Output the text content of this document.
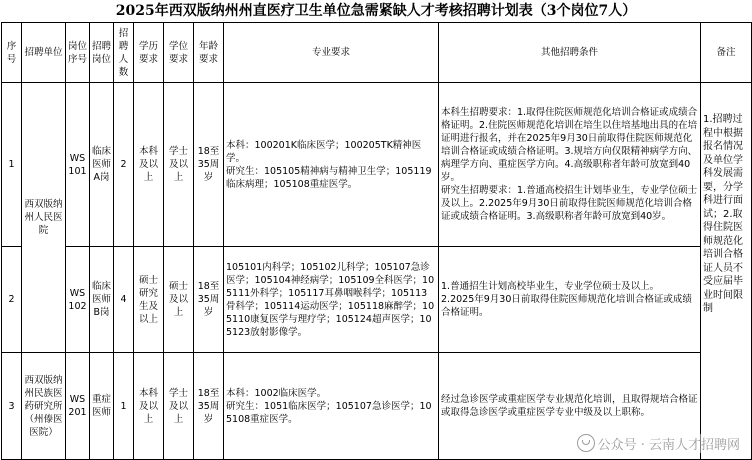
2025年西双版纳州州直医疗卫生单位急需紧缺人才考核招聘计划表（3个岗位7人）
序号	招聘单位	岗位序号	招聘岗位	招聘人数	学历要求	学位要求	年龄要求	专业要求	其他招聘条件	备注
1	西双版纳州人民医院	WS101	临床医师A岗	2	本科及以上	学士及以上	18至35周岁	本科：100201K临床医学；100205TK精神医学。
研究生：105105精神病与精神卫生学；105119临床病理；105108重症医学。	本科生招聘要求：1.取得住院医师规范化培训合格证或成绩合格证明。2.住院医师规范化培训在培生以住培基地出具的在培证明进行报名，并在2025年9月30日前取得住院医师规范化培训合格证或成绩合格证明。3.规培方向仅限精神病学方向、病理学方向、重症医学方向。4.高级职称者年龄可放宽到40岁。
研究生招聘要求：1.普通高校招生计划毕业生，专业学位硕士及以上。2.2025年9月30日前取得住院医师规范化培训合格证或成绩合格证明。3.高级职称者年龄可放宽到40岁。	1.招聘过程中根据报名情况及单位学科发展需要，分学科进行面试；2.取得住院医师规范化培训合格证人员不受应届毕业时间限制
2		WS102	临床医师B岗	4	硕士研究生及以上	硕士及以上	18至35周岁	105101内科学；105102儿科学；105107急诊医学；105104神经病学；105109全科医学；105111外科学；105117耳鼻咽喉科学；105113骨科学；105114运动医学；105118麻醉学；105110康复医学与理疗学；105124超声医学；105123放射影像学。	1.普通招生计划高校毕业生，专业学位硕士及以上。
2.2025年9月30日前取得住院医师规范化培训合格证或成绩合格证明。	
3	西双版纳州民族医药研究所（州傣医医院）	WS201	重症医师	1	本科及以上	学士及以上	18至35周岁	本科：1002临床医学。
研究生：1051临床医学；105107急诊医学；105108重症医学。	经过急诊医学或重症医学专业规范化培训，且取得规培合格证或取得急诊医学或重症医学专业中级及以上职称。	
公众号 · 云南人才招聘网
